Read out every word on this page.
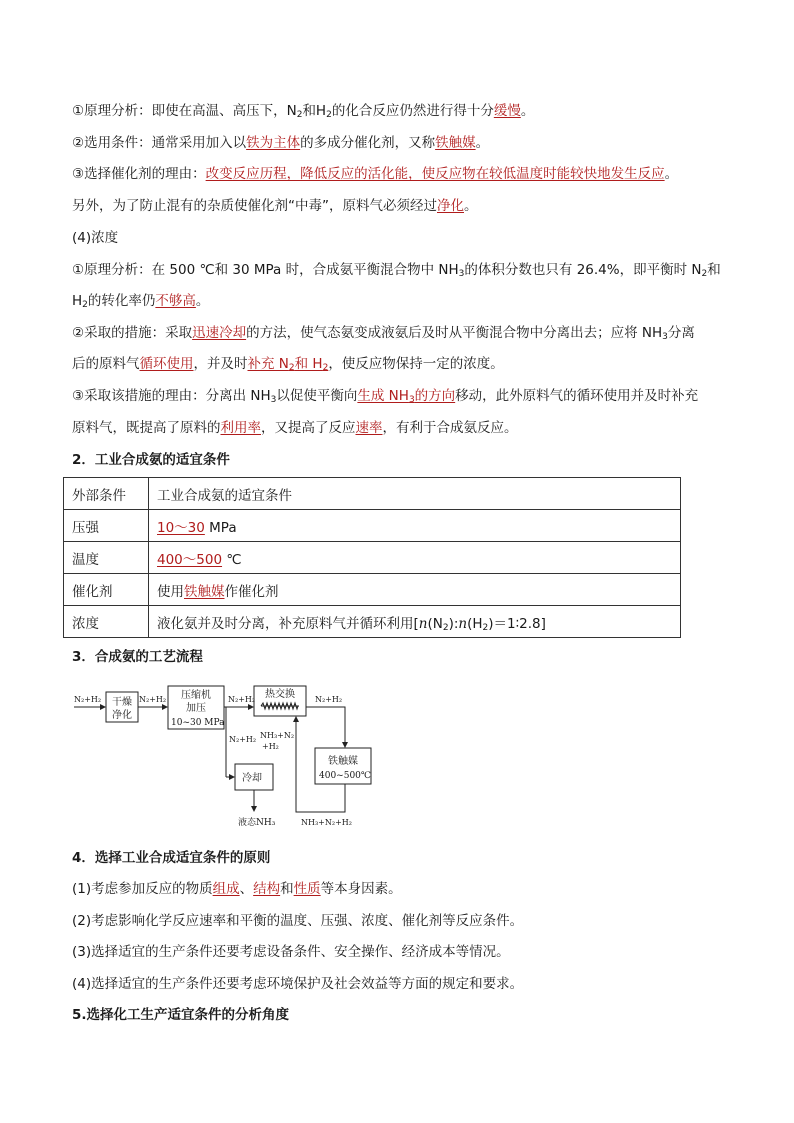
①原理分析：即使在高温、高压下，$N_2$和$H_2$的化合反应仍然进行得十分缓慢。
②选用条件：通常采用加入以铁为主体的多成分催化剂，又称铁触媒。
③选择催化剂的理由：改变反应历程，降低反应的活化能，使反应物在较低温度时能较快地发生反应。
另外，为了防止混有的杂质使催化剂“中毒”，原料气必须经过净化。
(4)浓度
①原理分析：在 500 ℃和 30 MPa 时，合成氨平衡混合物中 $NH_3$的体积分数也只有 26.4%，即平衡时 $N_2$和
$H_2$的转化率仍不够高。
②采取的措施：采取迅速冷却的方法，使气态氨变成液氨后及时从平衡混合物中分离出去；应将 $NH_3$分离
后的原料气循环使用，并及时补充 $N_2$和 $H_2$，使反应物保持一定的浓度。
③采取该措施的理由：分离出 $NH_3$以促使平衡向生成 $NH_3$的方向移动，此外原料气的循环使用并及时补充
原料气，既提高了原料的利用率，又提高了反应速率，有利于合成氨反应。
2．工业合成氨的适宜条件
外部条件	工业合成氨的适宜条件
压强	10～30 MPa
温度	400～500 ℃
催化剂	使用铁触媒作催化剂
浓度	液化氨并及时分离，补充原料气并循环利用$[n(N_2):n(H_2)=1∶2.8]$
3．合成氨的工艺流程
N₂+H₂ 干燥
净化
N₂+H₂ 压缩机
加压
10~30 MPa
N₂+H₂ 热交换	N₂+H₂
N₂+H₂ NH₃+N₂
+H₂
铁触媒
400~500℃
冷却
液态NH₃	NH₃+N₂+H₂
4．选择工业合成适宜条件的原则
(1)考虑参加反应的物质组成、结构和性质等本身因素。
(2)考虑影响化学反应速率和平衡的温度、压强、浓度、催化剂等反应条件。
(3)选择适宜的生产条件还要考虑设备条件、安全操作、经济成本等情况。
(4)选择适宜的生产条件还要考虑环境保护及社会效益等方面的规定和要求。
5.选择化工生产适宜条件的分析角度
